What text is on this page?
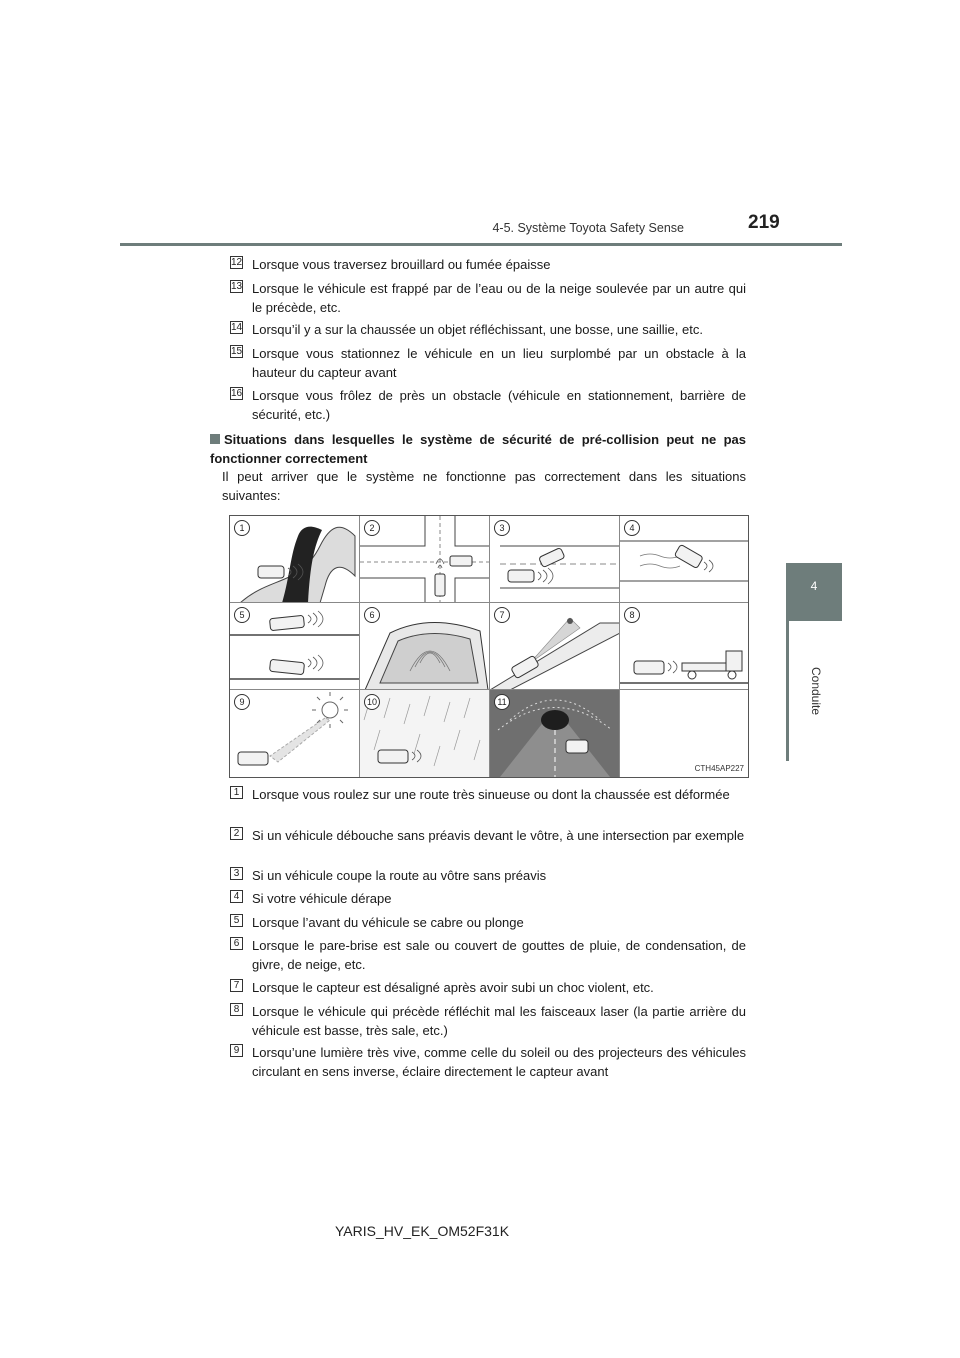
4-5. Système Toyota Safety Sense	219
4
Conduite
12 Lorsque vous traversez brouillard ou fumée épaisse
13 Lorsque le véhicule est frappé par de l’eau ou de la neige soulevée par un autre qui le précède, etc.
14 Lorsqu’il y a sur la chaussée un objet réfléchissant, une bosse, une saillie, etc.
15 Lorsque vous stationnez le véhicule en un lieu surplombé par un obstacle à la hauteur du capteur avant
16 Lorsque vous frôlez de près un obstacle (véhicule en stationnement, barrière de sécurité, etc.)
Situations dans lesquelles le système de sécurité de pré-collision peut ne pas fonctionner correctement
Il peut arriver que le système ne fonctionne pas correctement dans les situations suivantes:
1	2	3	4
5	6	7	8
9	10	11
CTH45AP227
1 Lorsque vous roulez sur une route très sinueuse ou dont la chaussée est déformée
2 Si un véhicule débouche sans préavis devant le vôtre, à une intersection par exemple
3 Si un véhicule coupe la route au vôtre sans préavis
4 Si votre véhicule dérape
5 Lorsque l’avant du véhicule se cabre ou plonge
6 Lorsque le pare-brise est sale ou couvert de gouttes de pluie, de condensation, de givre, de neige, etc.
7 Lorsque le capteur est désaligné après avoir subi un choc violent, etc.
8 Lorsque le véhicule qui précède réfléchit mal les faisceaux laser (la partie arrière du véhicule est basse, très sale, etc.)
9 Lorsqu’une lumière très vive, comme celle du soleil ou des projecteurs des véhicules circulant en sens inverse, éclaire directement le capteur avant
YARIS_HV_EK_OM52F31K
